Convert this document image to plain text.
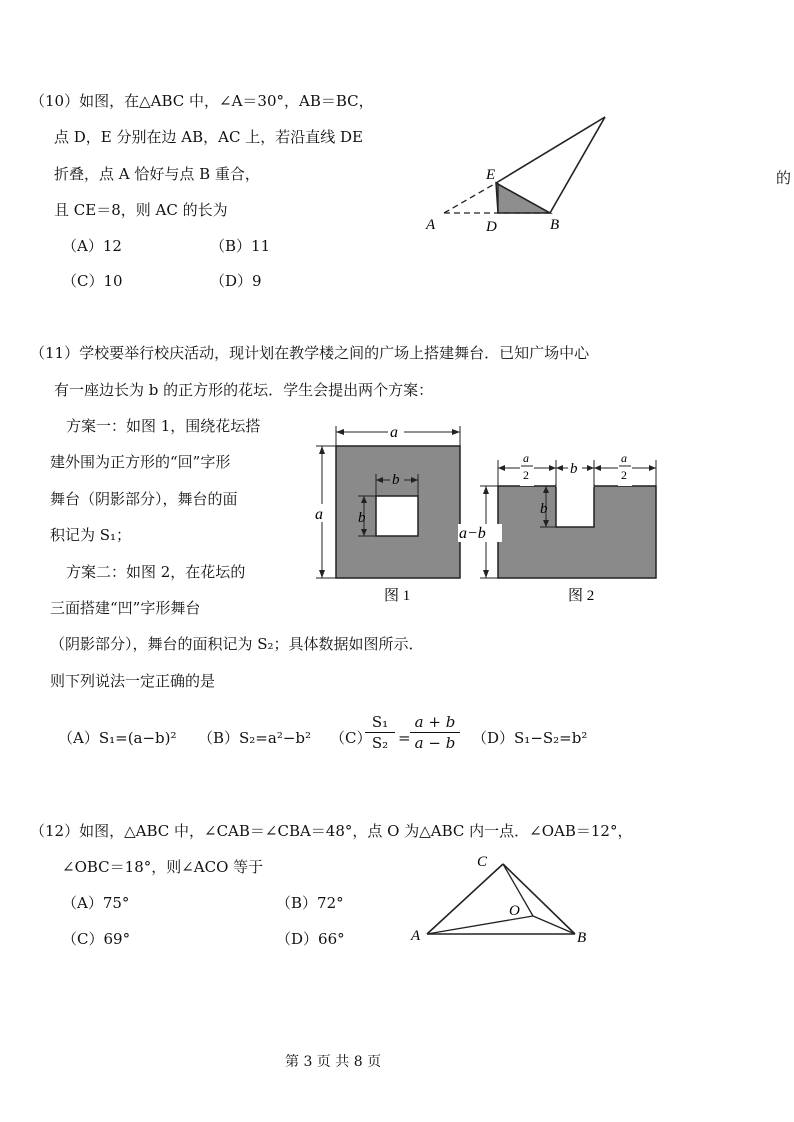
（10）如图，在△ABC 中，∠A＝30°，AB＝BC，
点 D，E 分别在边 AB，AC 上，若沿直线 DE
折叠，点 A 恰好与点 B 重合，
且 CE＝8，则 AC 的长为
（A）12	（B）11
（C）10	（D）9
的
A	B
D
E
（11）学校要举行校庆活动，现计划在教学楼之间的广场上搭建舞台．已知广场中心
有一座边长为 b 的正方形的花坛．学生会提出两个方案：
方案一：如图 1，围绕花坛搭
建外围为正方形的“回”字形
舞台（阴影部分），舞台的面
积记为 S₁；
方案二：如图 2，在花坛的
三面搭建“凹”字形舞台
（阴影部分），舞台的面积记为 S₂；具体数据如图所示．
则下列说法一定正确的是
（A）S₁=(a−b)² （B）S₂=a²−b² （C）
$\frac{\text{S₁}}{\text{S₂}} = \frac{a + b}{a - b} (D)S_1-S_2=b^2$
a
b
b
a
图 1
a
2	b
a
2
b
a−b
图 2
（12）如图，△ABC 中，∠CAB＝∠CBA＝48°，点 O 为△ABC 内一点．∠OAB＝12°，
∠OBC＝18°，则∠ACO 等于
（A）75°	（B）72°
（C）69°	（D）66°	A	B
C
O
第 3 页 共 8 页
